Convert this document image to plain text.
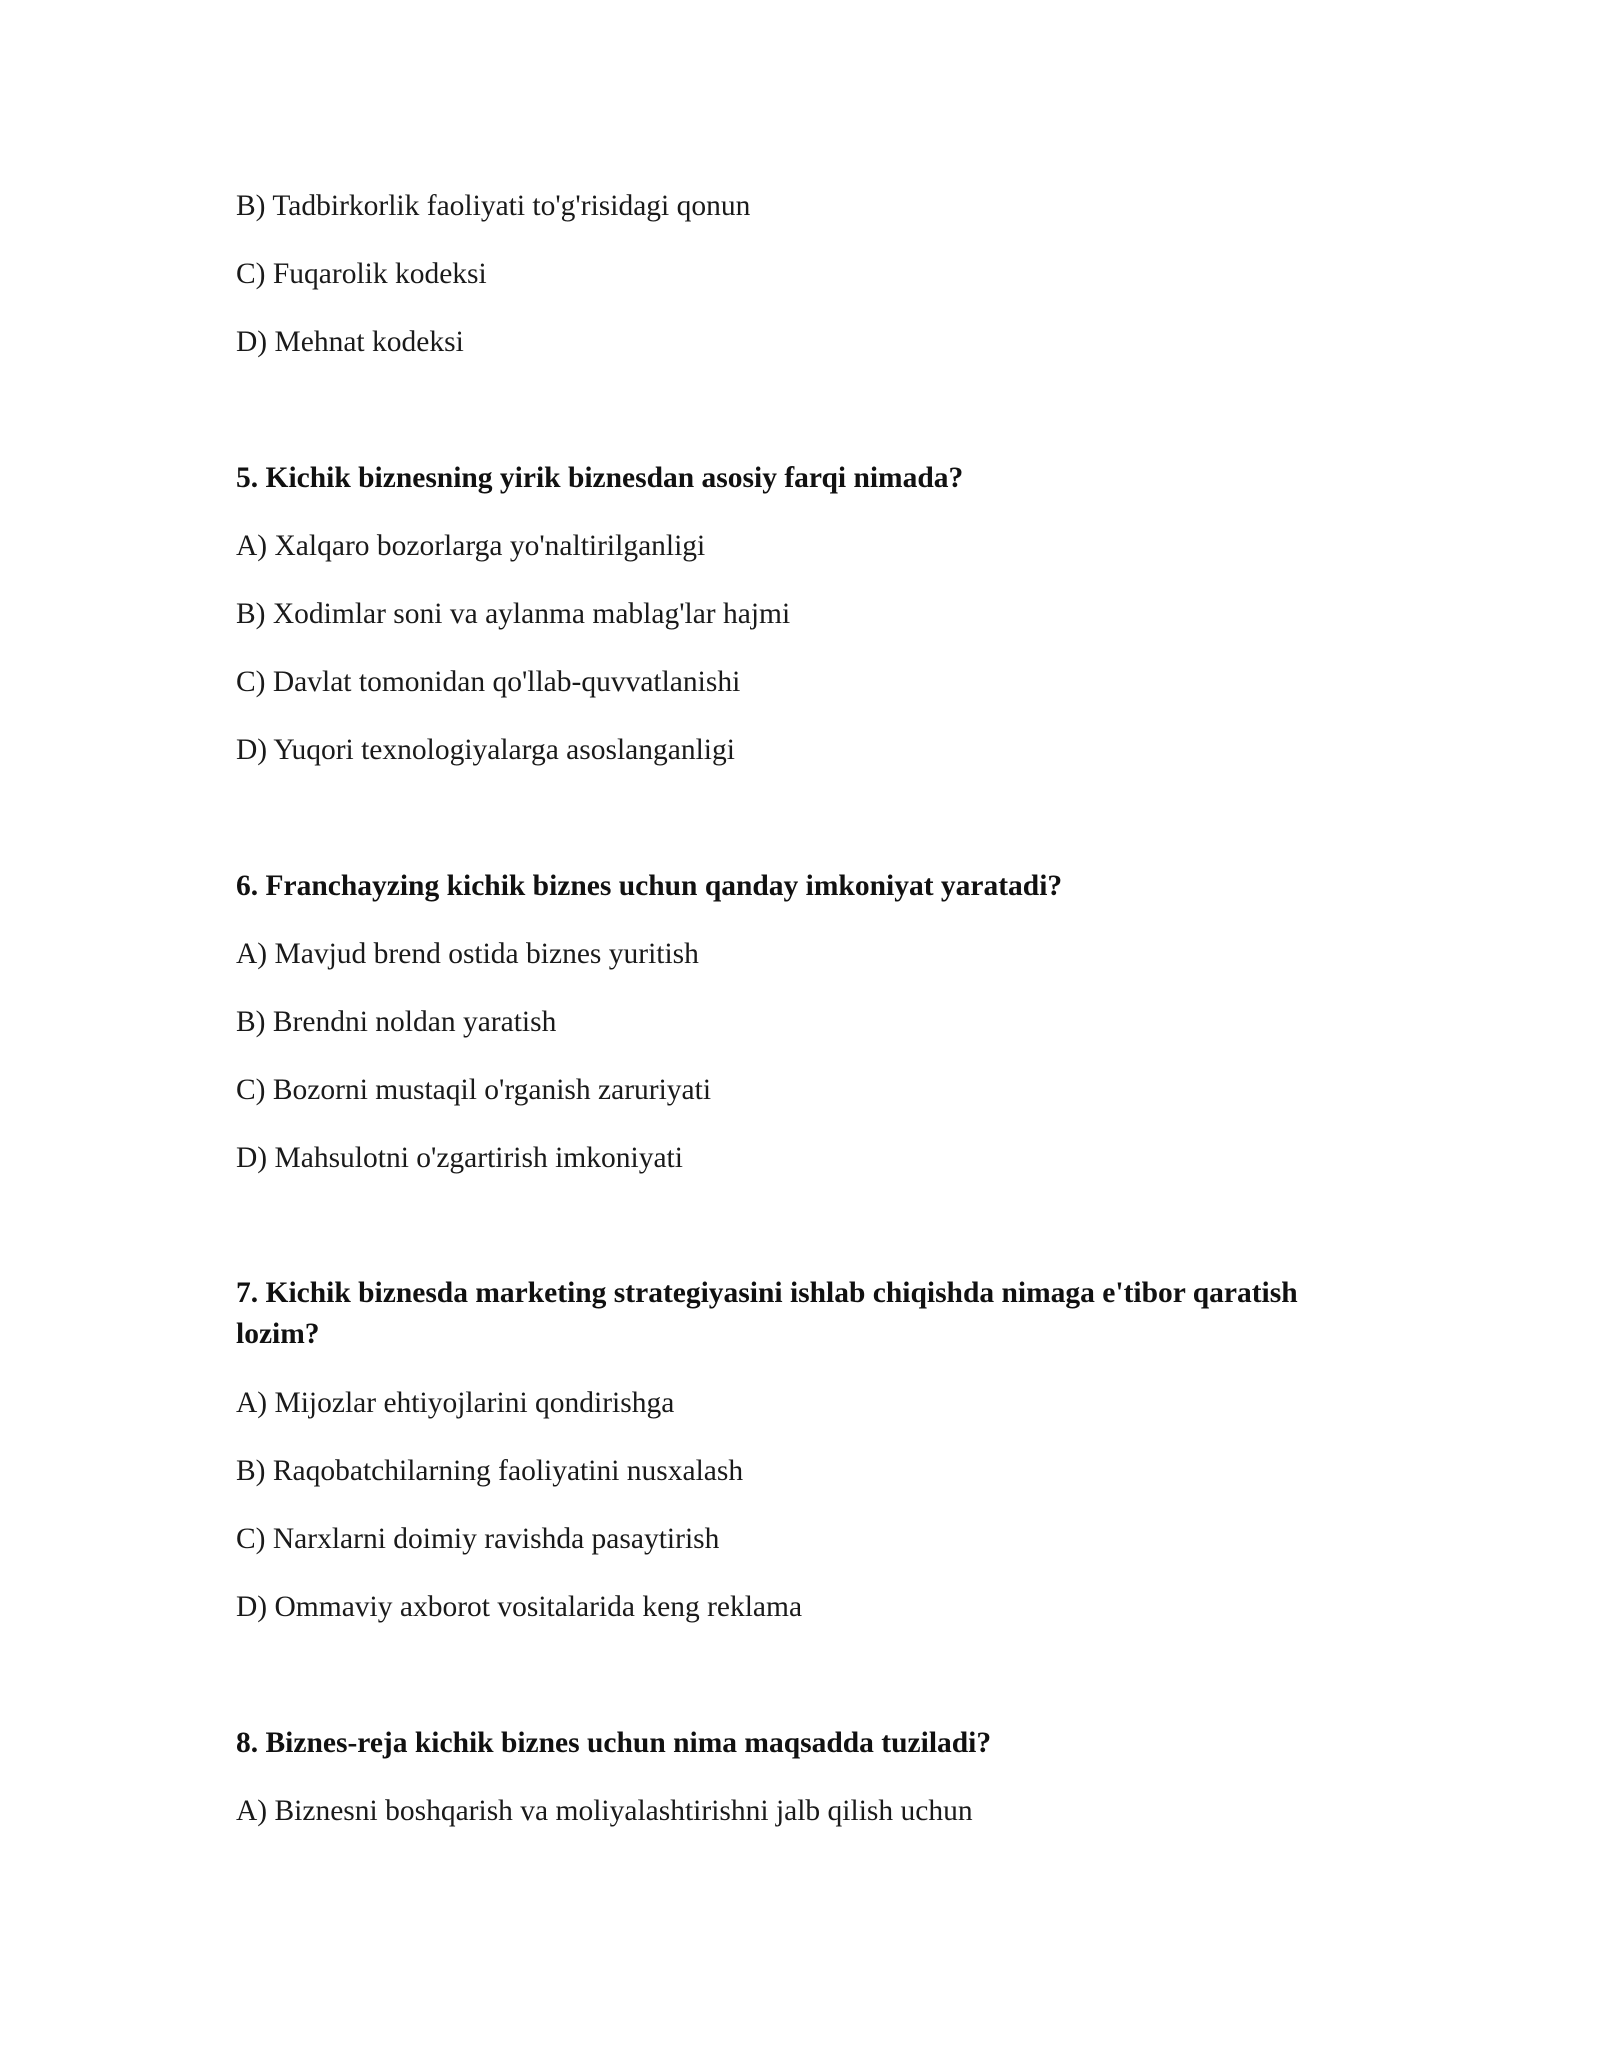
B) Tadbirkorlik faoliyati to'g'risidagi qonun
C) Fuqarolik kodeksi
D) Mehnat kodeksi
5. Kichik biznesning yirik biznesdan asosiy farqi nimada?
A) Xalqaro bozorlarga yo'naltirilganligi
B) Xodimlar soni va aylanma mablag'lar hajmi
C) Davlat tomonidan qo'llab-quvvatlanishi
D) Yuqori texnologiyalarga asoslanganligi
6. Franchayzing kichik biznes uchun qanday imkoniyat yaratadi?
A) Mavjud brend ostida biznes yuritish
B) Brendni noldan yaratish
C) Bozorni mustaqil o'rganish zaruriyati
D) Mahsulotni o'zgartirish imkoniyati
7. Kichik biznesda marketing strategiyasini ishlab chiqishda nimaga e'tibor qaratish lozim?
A) Mijozlar ehtiyojlarini qondirishga
B) Raqobatchilarning faoliyatini nusxalash
C) Narxlarni doimiy ravishda pasaytirish
D) Ommaviy axborot vositalarida keng reklama
8. Biznes-reja kichik biznes uchun nima maqsadda tuziladi?
A) Biznesni boshqarish va moliyalashtirishni jalb qilish uchun
